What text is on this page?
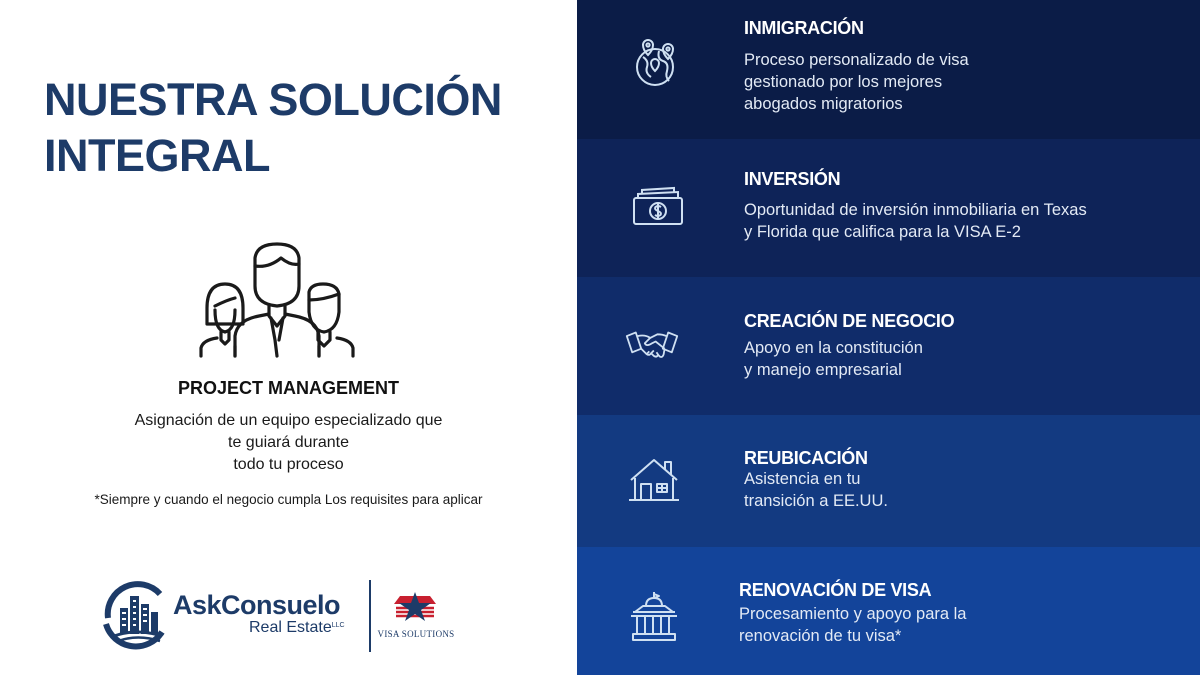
NUESTRA SOLUCIÓN
INTEGRAL
PROJECT MANAGEMENT
Asignación de un equipo especializado que
te guiará durante
todo tu proceso
*Siempre y cuando el negocio cumpla Los requisites para aplicar
AskConsuelo
Real Estate$^{LLC}$
VISA SOLUTIONS
INMIGRACIÓN
Proceso personalizado de visa
gestionado por los mejores
abogados migratorios
INVERSIÓN
Oportunidad de inversión inmobiliaria en Texas
y Florida que califica para la VISA E-2
CREACIÓN DE NEGOCIO
Apoyo en la constitución
y manejo empresarial
REUBICACIÓN
Asistencia en tu
transición a EE.UU.
RENOVACIÓN DE VISA
Procesamiento y apoyo para la
renovación de tu visa*
